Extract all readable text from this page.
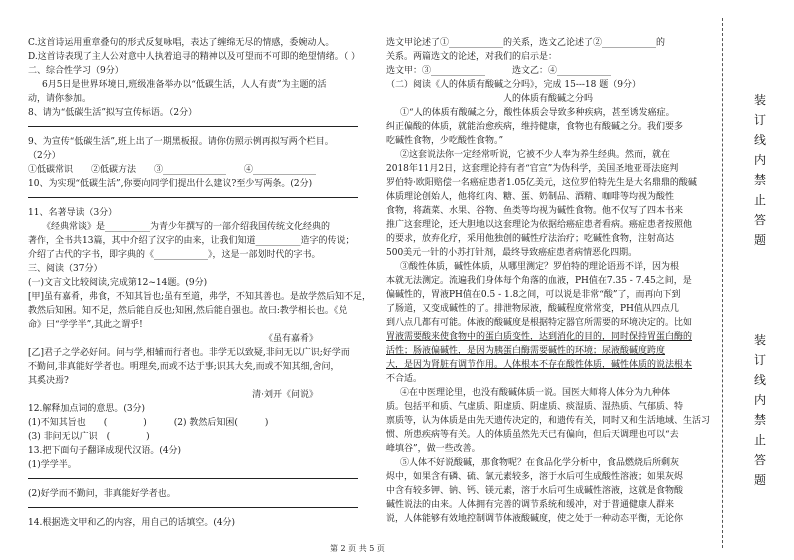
C.这首诗运用重章叠句的形式反复咏唱，表达了缠绵无尽的情感，委婉动人。
D.这首诗表现了主人公对意中人执着追寻的精神以及可望而不可即的绝望情绪。（ ）
二、综合性学习（9分）
6月5日是世界环境日,班级准备举办以“低碳生活，人人有责”为主题的活
动，请你参加。
8、请为“低碳生活”拟写宣传标语。（2分）
9、为宣传“低碳生活”,班上出了一期黑板报。请你仿照示例再拟写两个栏目。
（2分）
①低碳常识　　②低碳方法　　③______________　　④______________
10、为实现“低碳生活”,你要向同学们提出什么建议?至少写两条。(2分)
11、名著导读（3分）
《经典常谈》是__________为青少年撰写的一部介绍我国传统文化经典的
著作，全书共13篇，其中介绍了汉字的由来，让我们知道__________造字的传说；
介绍了古代的字书，即字典的《____________》，这是一部划时代的字书。
三、阅读（37分）
(一)文言文比较阅读,完成第12~14题。(9分)
[甲]虽有嘉肴，弗食，不知其旨也;虽有至道，弗学，不知其善也。是故学然后知不足，
教然后知困。知不足，然后能自反也;知困,然后能自强也。故曰:教学相长也。《兑
命》曰“学学半”,其此之谓乎!
《虽有嘉肴》
[乙]君子之学必好问。问与学,相辅而行者也。非学无以致疑,非问无以广识;好学而
不勤问,非真能好学者也。明理矣,而或不达于事;识其大矣,而或不知其细,舍问，
其奚决焉?
清·刘开《问说》
12.解释加点词的意思。(3分)
(1)不知其旨也　　(　　　　)　　　(2) 教然后知困(　　　)
(3) 非问无以广识　(　　　　)
13.把下面句子翻译成现代汉语。(4分)
(1)学学半。
(2)好学而不勤问，非真能好学者也。
14.根据选文甲和乙的内容，用自己的话填空。(4分)
选文甲论述了①____________的关系，选文乙论述了②____________的
关系。两篇选文的论述，对我们的启示是：
选文甲：③____________　　　选文乙：④____________
（二）阅读《人的体质有酸碱之分吗》，完成 15---18 题（9分）
人的体质有酸碱之分吗
①“人的体质有酸碱之分，酸性体质会导致多种疾病，甚至诱发癌症。
纠正偏酸的体质，就能治愈疾病，维持健康，食物也有酸碱之分。我们要多
吃碱性食物，少吃酸性食物。”
②这套说法你一定经常听说，它被不少人奉为养生经典。然而，就在
2018年11月2日，这套理论持有者“官宣”为伪科学，美国圣地亚哥法庭判
罗伯特·欧阳赔偿一名癌症患者1.05亿美元，这位罗伯特先生是大名鼎鼎的酸碱
体质理论创始人，他将红肉、糖、蛋、奶制品、酒精、咖啡等均视为酸性
食物，将蔬菜、水果、谷物、鱼类等均视为碱性食物。他不仅写了四本书来
推广这套理论，还大胆地以这套理论为依据给癌症患者看病。癌症患者按照他
的要求，放弃化疗，采用他独创的碱性疗法治疗；吃碱性食物，注射高达
500美元一针的小苏打针剂，最终导致癌症患者病情恶化四期。
③酸性体质，碱性体质，从哪里测定？罗伯特的理论语焉不详，因为根
本就无法测定。流遍我们身体每个角落的血液，PH值在7.35 - 7.45之间，是
偏碱性的，胃液PH值在0.5 - 1.8之间，可以说是非常“酸”了，而再向下到
了肠道，又变成碱性的了。排泄物尿液，酸碱程度常常变，PH值从四点几
到八点几都有可能。体液的酸碱度是根据特定器官所需要的环境决定的。比如
胃液需要酸来使食物中的蛋白质变性，达到消化的目的，同时保持胃蛋白酶的
活性；肠液偏碱性，是因为胰蛋白酶需要碱性的环境；尿液酸碱度跨度
大，是因为肾脏有调节作用。人体根本不存在酸性体质，碱性体质的说法根本
不合适。
④在中医理论里，也没有酸碱体质一说。国医大师将人体分为九种体
质。包括平和质、气虚质、阳虚质、阴虚质、痰湿质、湿热质、气郁质、特
禀质等，认为体质是由先天遗传决定的，和遗传有关，同时又和生活地域、生活习
惯、所患疾病等有关。人的体质虽然先天已有偏向，但后天调理也可以“去
峰填谷”，做一些改善。
⑤人体不好说酸碱，那食物呢？在食品化学分析中，食品燃烧后所剩灰
烬中，如果含有磷、硫、氯元素较多，溶于水后可生成酸性溶液；如果灰烬
中含有较多钾、钠、钙、镁元素，溶于水后可生成碱性溶液，这就是食物酸
碱性说法的由来。人体拥有完善的调节系统和缓冲，对于普通健康人群来
说，人体能够有效地控制调节体液酸碱度，使之处于一种动态平衡，无论你
装
订
线
内
禁
止
答
题
装
订
线
内
禁
止
答
题
第 2 页 共 5 页
